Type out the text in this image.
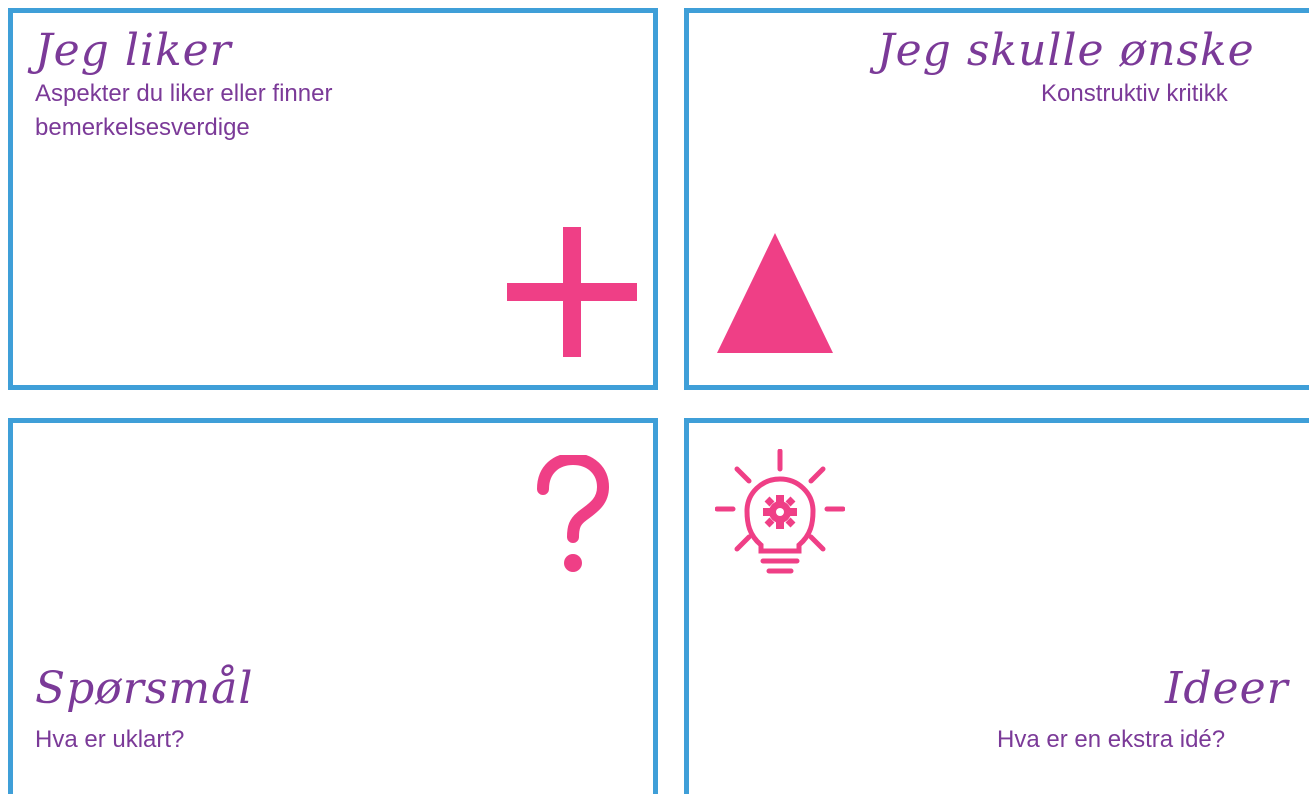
Jeg liker
Aspekter du liker eller finner bemerkelsesverdige
Jeg skulle ønske
Konstruktiv kritikk
Spørsmål
Hva er uklart?
Ideer
Hva er en ekstra idé?
